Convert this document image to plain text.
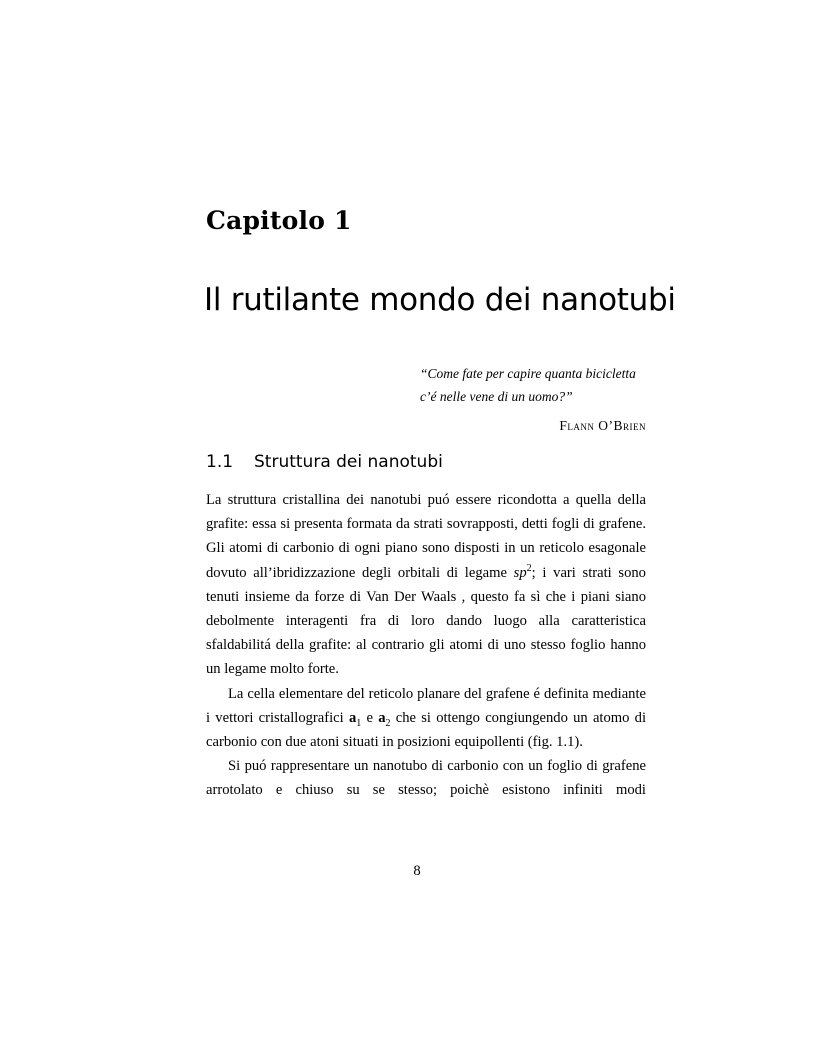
Capitolo 1
Il rutilante mondo dei nanotubi
“Come fate per capire quanta bicicletta
c’é nelle vene di un uomo?”
Flann O’Brien
1.1 Struttura dei nanotubi

La struttura cristallina dei nanotubi puó essere ricondotta a quella della grafite: essa si presenta formata da strati sovrapposti, detti fogli di grafene. Gli atomi di carbonio di ogni piano sono disposti in un reticolo esagonale dovuto all’ibridizzazione degli orbitali di legame $sp^2$; i vari strati sono tenuti insieme da forze di Van Der Waals , questo fa sì che i piani siano debolmente interagenti fra di loro dando luogo alla caratteristica sfaldabilitá della grafite: al contrario gli atomi di uno stesso foglio hanno un legame molto forte.

La cella elementare del reticolo planare del grafene é definita mediante i vettori cristallografici $a_1$ e $a_2$ che si ottengo congiungendo un atomo di carbonio con due atoni situati in posizioni equipollenti (fig. 1.1).

Si puó rappresentare un nanotubo di carbonio con un foglio di grafene arrotolato e chiuso su se stesso; poichè esistono infiniti modi

8
